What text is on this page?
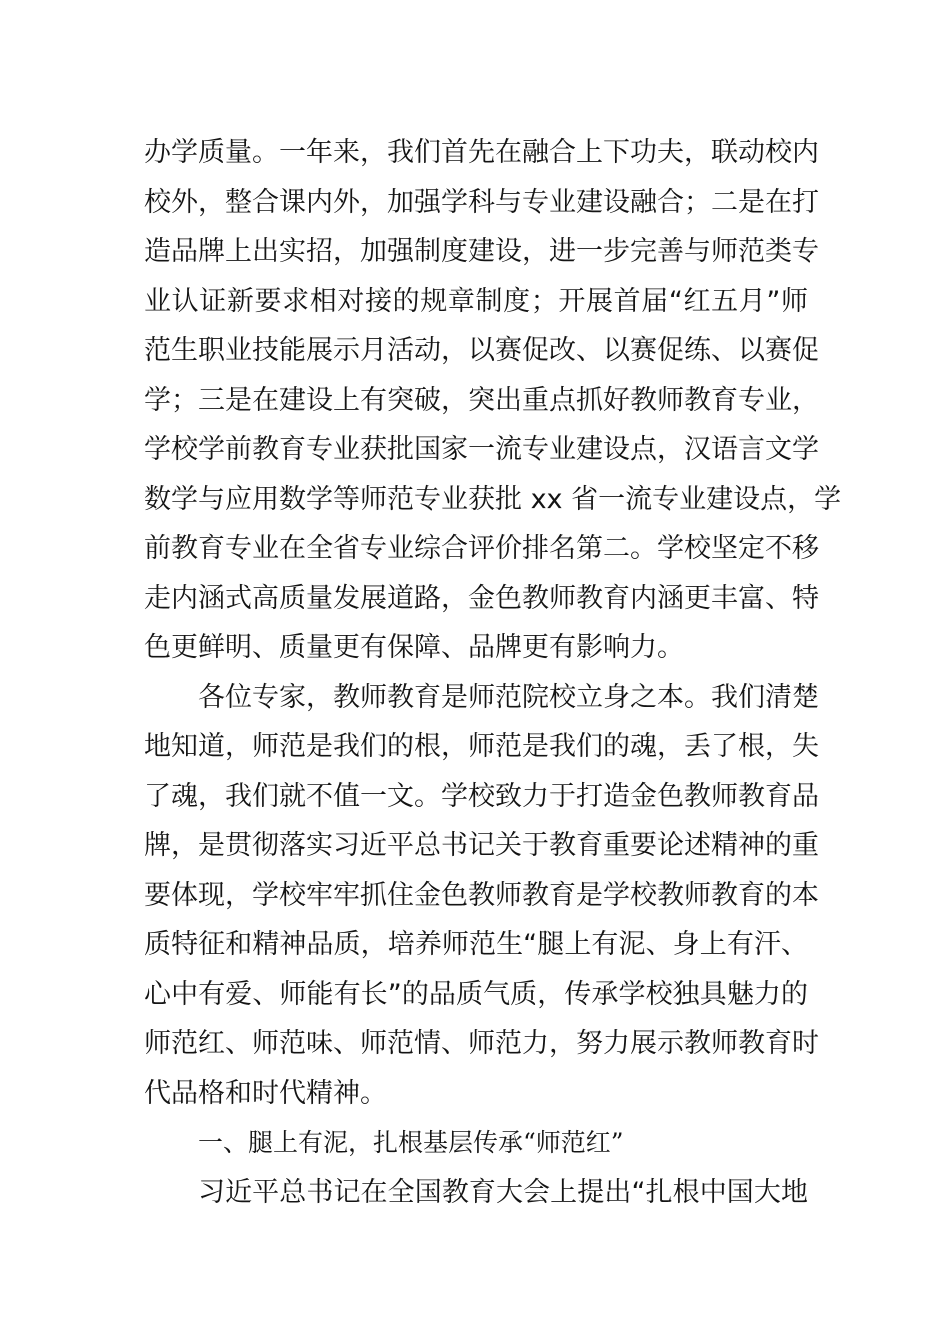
办学质量。一年来，我们首先在融合上下功夫，联动校内
校外，整合课内外，加强学科与专业建设融合；二是在打
造品牌上出实招，加强制度建设，进一步完善与师范类专
业认证新要求相对接的规章制度；开展首届“红五月”师
范生职业技能展示月活动，以赛促改、以赛促练、以赛促
学；三是在建设上有突破，突出重点抓好教师教育专业，
学校学前教育专业获批国家一流专业建设点，汉语言文学
数学与应用数学等师范专业获批 xx 省一流专业建设点，学
前教育专业在全省专业综合评价排名第二。学校坚定不移
走内涵式高质量发展道路，金色教师教育内涵更丰富、特
色更鲜明、质量更有保障、品牌更有影响力。
各位专家，教师教育是师范院校立身之本。我们清楚
地知道，师范是我们的根，师范是我们的魂，丢了根，失
了魂，我们就不值一文。学校致力于打造金色教师教育品
牌，是贯彻落实习近平总书记关于教育重要论述精神的重
要体现，学校牢牢抓住金色教师教育是学校教师教育的本
质特征和精神品质，培养师范生“腿上有泥、身上有汗、
心中有爱、师能有长”的品质气质，传承学校独具魅力的
师范红、师范味、师范情、师范力，努力展示教师教育时
代品格和时代精神。
一、腿上有泥，扎根基层传承“师范红”
习近平总书记在全国教育大会上提出“扎根中国大地
